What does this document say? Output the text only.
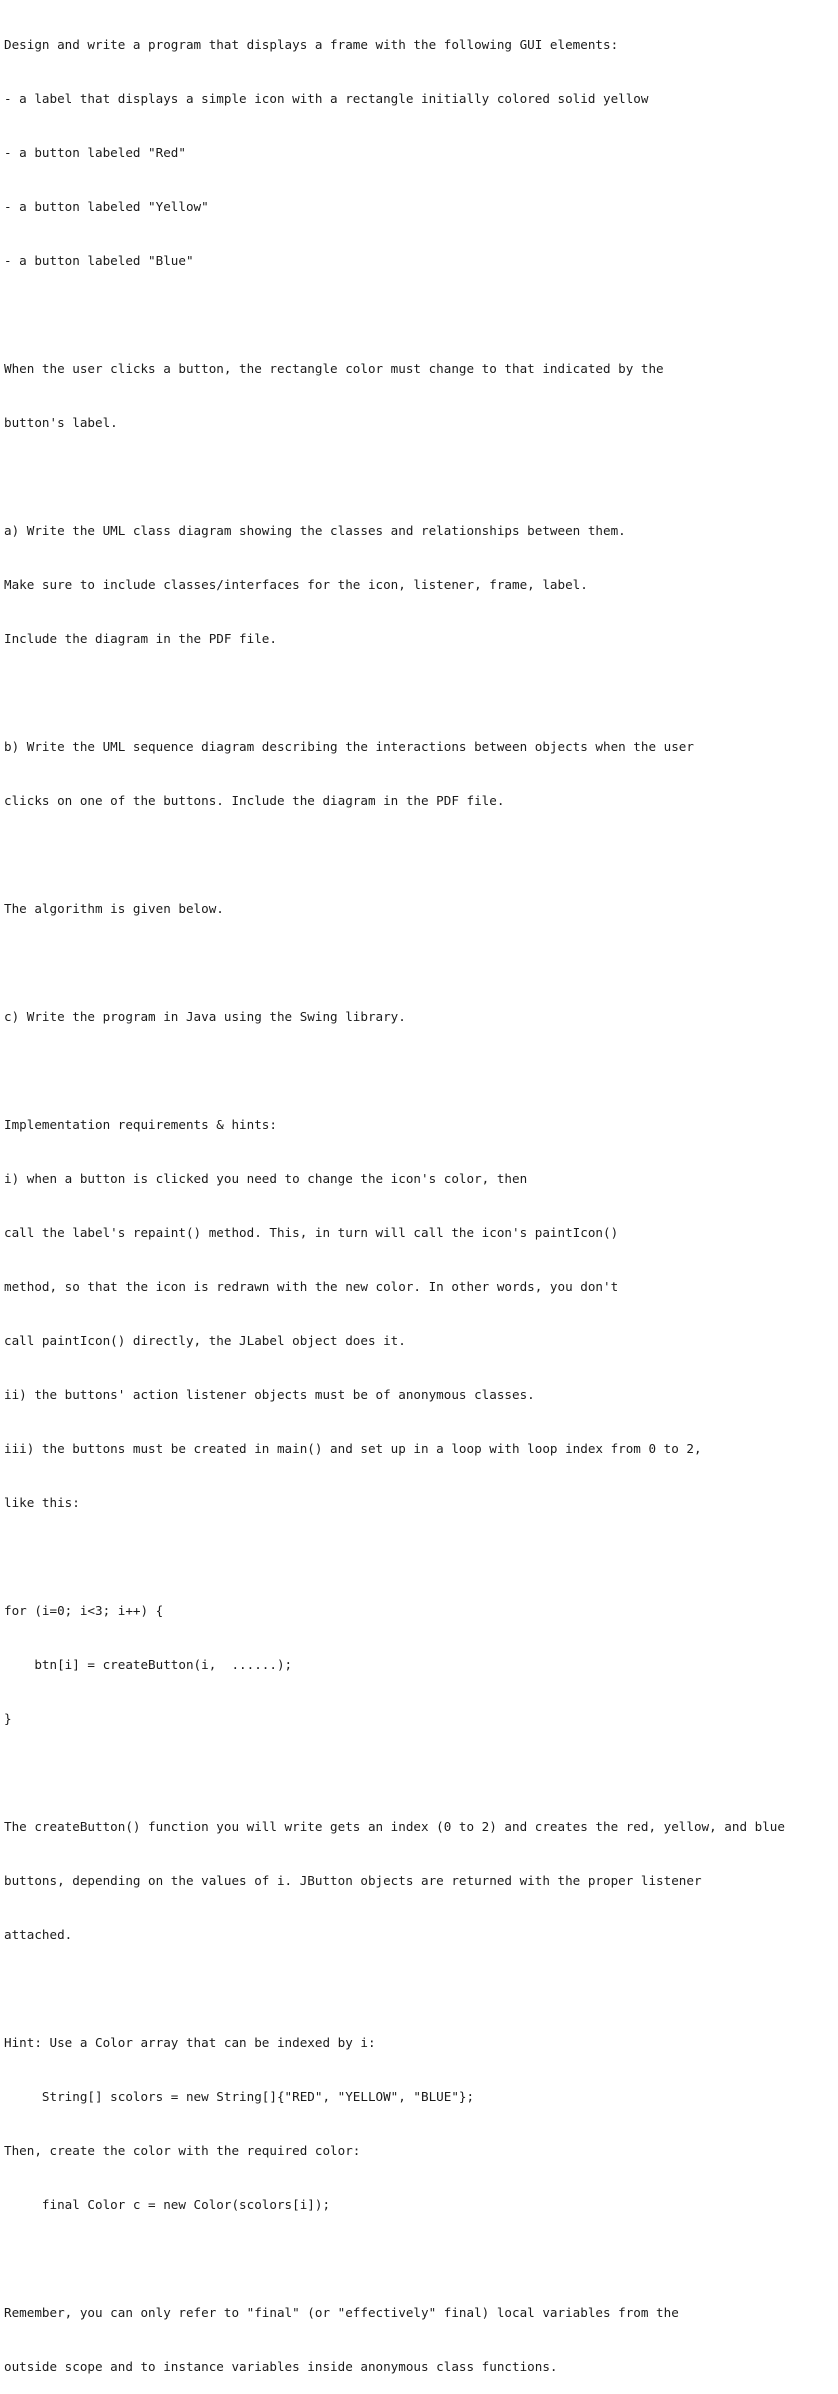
Design and write a program that displays a frame with the following GUI elements:

- a label that displays a simple icon with a rectangle initially colored solid yellow

- a button labeled "Red"

- a button labeled "Yellow"

- a button labeled "Blue"

When the user clicks a button, the rectangle color must change to that indicated by the

button's label.

a) Write the UML class diagram showing the classes and relationships between them.

Make sure to include classes/interfaces for the icon, listener, frame, label.

Include the diagram in the PDF file.

b) Write the UML sequence diagram describing the interactions between objects when the user

clicks on one of the buttons. Include the diagram in the PDF file.

The algorithm is given below.

c) Write the program in Java using the Swing library.

Implementation requirements & hints:

i) when a button is clicked you need to change the icon's color, then

call the label's repaint() method. This, in turn will call the icon's paintIcon()

method, so that the icon is redrawn with the new color. In other words, you don't

call paintIcon() directly, the JLabel object does it.

ii) the buttons' action listener objects must be of anonymous classes.

iii) the buttons must be created in main() and set up in a loop with loop index from 0 to 2,

like this:

for (i=0; i<3; i++) {

btn[i] = createButton(i,  ......);

}

The createButton() function you will write gets an index (0 to 2) and creates the red, yellow, and blue

buttons, depending on the values of i. JButton objects are returned with the proper listener

attached.

Hint: Use a Color array that can be indexed by i:

String[] scolors = new String[]{"RED", "YELLOW", "BLUE"};

Then, create the color with the required color:

final Color c = new Color(scolors[i]);

Remember, you can only refer to "final" (or "effectively" final) local variables from the

outside scope and to instance variables inside anonymous class functions.
